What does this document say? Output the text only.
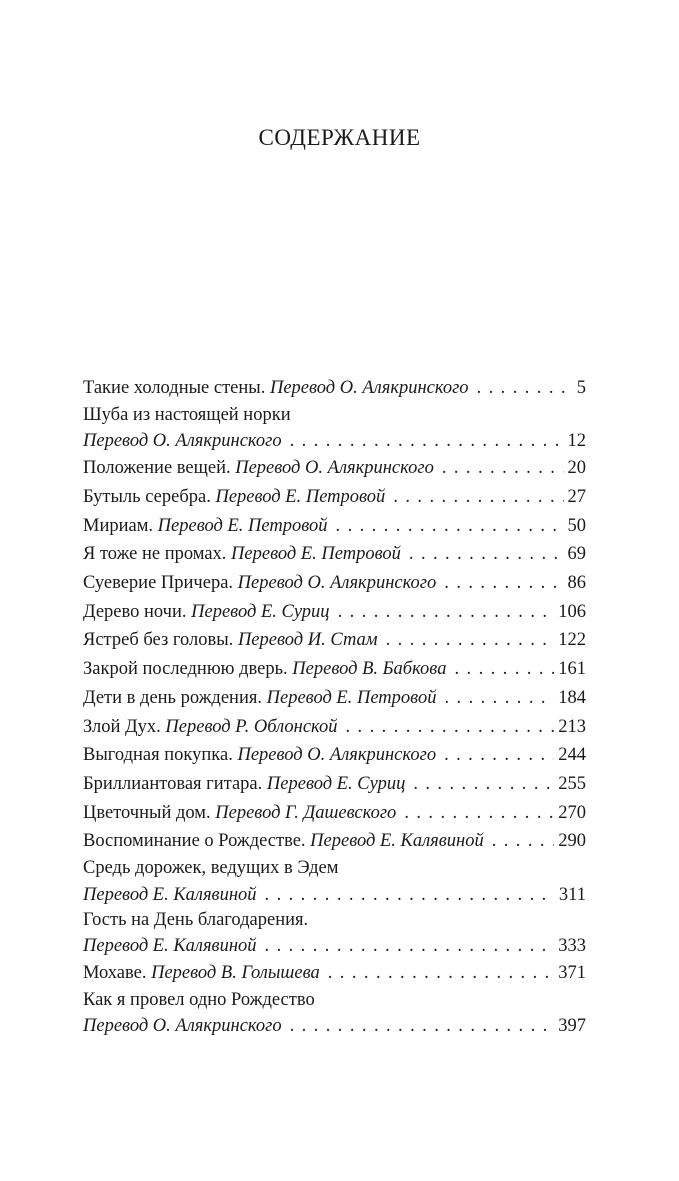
СОДЕРЖАНИЕ
Такие холодные стены. Перевод О. Алякринского . . .	5
Шуба из настоящей норки
Перевод О. Алякринского . . .	12
Положение вещей. Перевод О. Алякринского . . .	20
Бутыль серебра. Перевод Е. Петровой . . .	27
Мириам. Перевод Е. Петровой . . .	50
Я тоже не промах. Перевод Е. Петровой . . .	69
Суеверие Причера. Перевод О. Алякринского . . .	86
Дерево ночи. Перевод Е. Суриц . . .	106
Ястреб без головы. Перевод И. Стам . . .	122
Закрой последнюю дверь. Перевод В. Бабкова . . .	161
Дети в день рождения. Перевод Е. Петровой . . .	184
Злой Дух. Перевод Р. Облонской . . .	213
Выгодная покупка. Перевод О. Алякринского . . .	244
Бриллиантовая гитара. Перевод Е. Суриц . . .	255
Цветочный дом. Перевод Г. Дашевского . . .	270
Воспоминание о Рождестве. Перевод Е. Калявиной . . .	290
Средь дорожек, ведущих в Эдем
Перевод Е. Калявиной . . .	311
Гость на День благодарения.
Перевод Е. Калявиной . . .	333
Мохаве. Перевод В. Голышева . . .	371
Как я провел одно Рождество
Перевод О. Алякринского . . .	397
